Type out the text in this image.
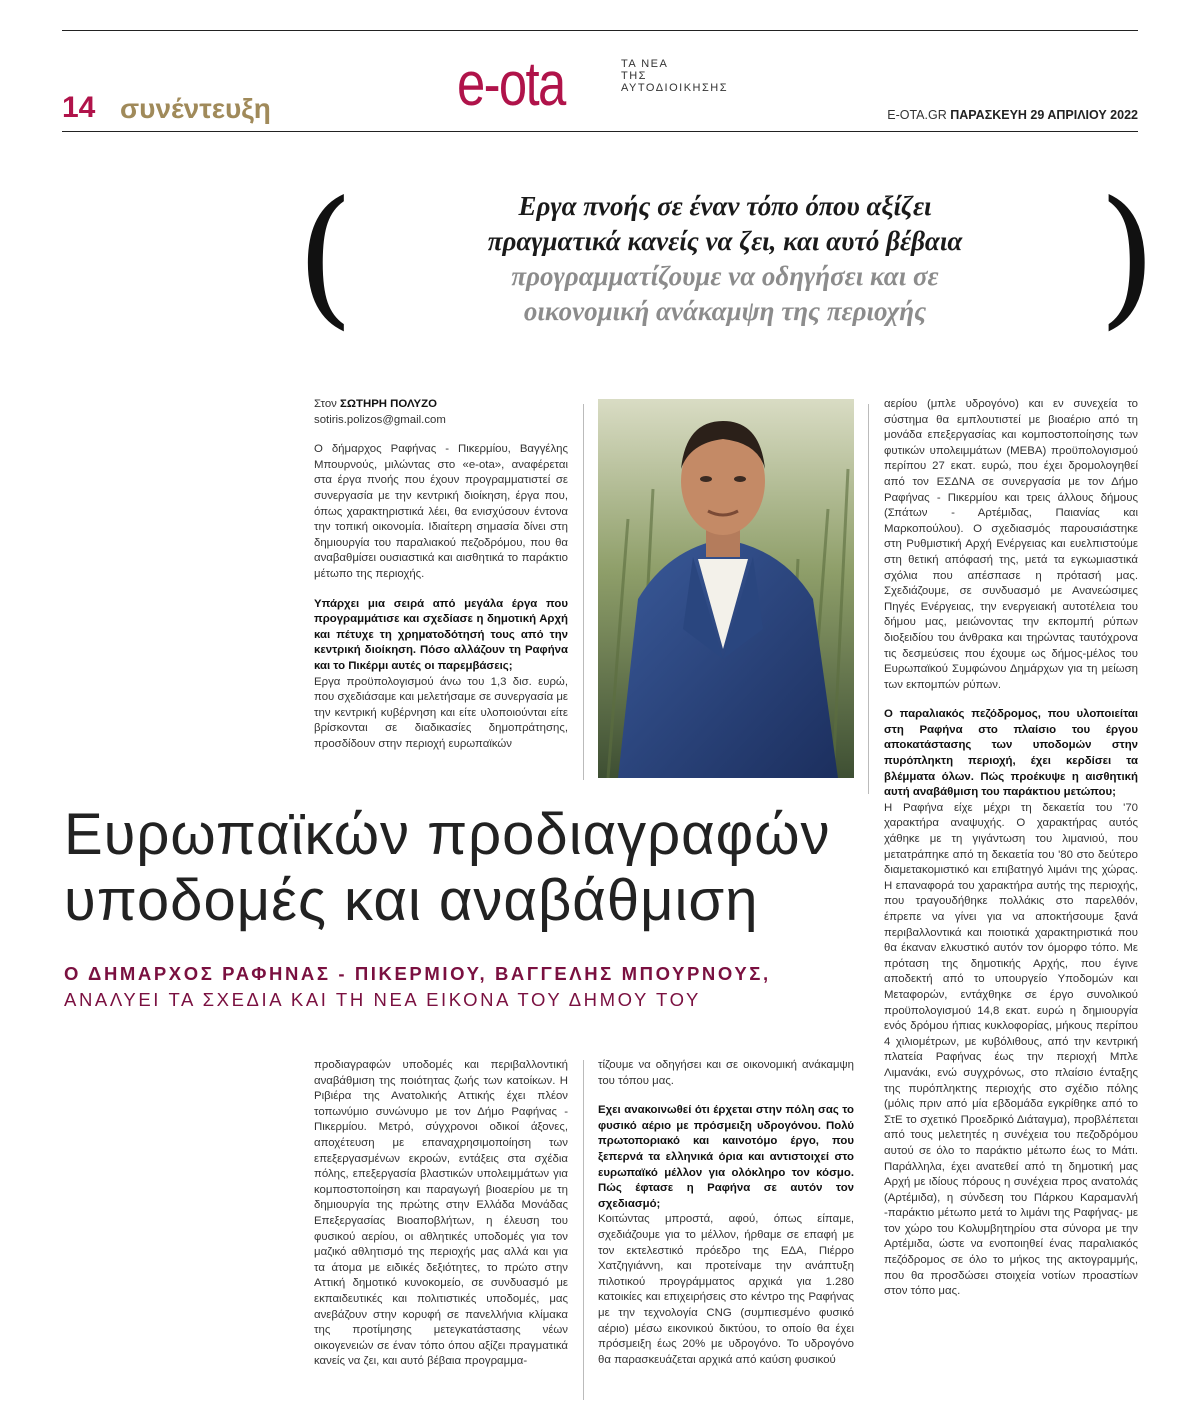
14 συνέντευξη	e-ota	ΤΑ ΝΕΑ
ΤΗΣ
ΑΥΤΟΔΙΟΙΚΗΣΗΣ
E-OTA.GR ΠΑΡΑΣΚΕΥΗ 29 ΑΠΡΙΛΙΟΥ 2022
(	)
Εργα πνοής σε έναν τόπο όπου αξίζει
πραγματικά κανείς να ζει, και αυτό βέβαια
προγραμματίζουμε να οδηγήσει και σε
οικονομική ανάκαμψη της περιοχής
Στον ΣΩΤΗΡΗ ΠΟΛΥΖΟ
sotiris.polizos@gmail.com

Ο δήμαρχος Ραφήνας - Πικερμίου, Βαγγέλης Μπουρνούς, μιλώντας στο «e-ota», αναφέρεται στα έργα πνοής που έχουν προγραμματιστεί σε συνεργασία με την κεντρική διοίκηση, έργα που, όπως χαρακτηριστικά λέει, θα ενισχύσουν έντονα την τοπική οικονομία. Ιδιαίτερη σημασία δίνει στη δημιουργία του παραλιακού πεζοδρόμου, που θα αναβαθμίσει ουσιαστικά και αισθητικά το παράκτιο μέτωπο της περιοχής.

Υπάρχει μια σειρά από μεγάλα έργα που προγραμμάτισε και σχεδίασε η δημοτική Αρχή και πέτυχε τη χρηματοδότησή τους από την κεντρική διοίκηση. Πόσο αλλάζουν τη Ραφήνα και το Πικέρμι αυτές οι παρεμβάσεις;

Εργα προϋπολογισμού άνω του 1,3 δισ. ευρώ, που σχεδιάσαμε και μελετήσαμε σε συνεργασία με την κεντρική κυβέρνηση και είτε υλοποιούνται είτε βρίσκονται σε διαδικασίες δημοπράτησης, προσδίδουν στην περιοχή ευρωπαϊκών

Ευρωπαϊκών προδιαγραφών
υποδομές και αναβάθμιση
Ο ΔΗΜΑΡΧΟΣ ΡΑΦΗΝΑΣ - ΠΙΚΕΡΜΙΟΥ, ΒΑΓΓΕΛΗΣ ΜΠΟΥΡΝΟΥΣ,
ΑΝΑΛΥΕΙ ΤΑ ΣΧΕΔΙΑ ΚΑΙ ΤΗ ΝΕΑ ΕΙΚΟΝΑ ΤΟΥ ΔΗΜΟΥ ΤΟΥ

προδιαγραφών υποδομές και περιβαλλοντική αναβάθμιση της ποιότητας ζωής των κατοίκων. Η Ριβιέρα της Ανατολικής Αττικής έχει πλέον τοπωνύμιο συνώνυμο με τον Δήμο Ραφήνας - Πικερμίου. Μετρό, σύγχρονοι οδικοί άξονες, αποχέτευση με επαναχρησιμοποίηση των επεξεργασμένων εκροών, εντάξεις στα σχέδια πόλης, επεξεργασία βλαστικών υπολειμμάτων για κομποστοποίηση και παραγωγή βιοαερίου με τη δημιουργία της πρώτης στην Ελλάδα Μονάδας Επεξεργασίας Βιοαποβλήτων, η έλευση του φυσικού αερίου, οι αθλητικές υποδομές για τον μαζικό αθλητισμό της περιοχής μας αλλά και για τα άτομα με ειδικές δεξιότητες, το πρώτο στην Αττική δημοτικό κυνοκομείο, σε συνδυασμό με εκπαιδευτικές και πολιτιστικές υποδομές, μας ανεβάζουν στην κορυφή σε πανελλήνια κλίμακα της προτίμησης μετεγκατάστασης νέων οικογενειών σε έναν τόπο όπου αξίζει πραγματικά κανείς να ζει, και αυτό βέβαια προγραμμα-

τίζουμε να οδηγήσει και σε οικονομική ανάκαμψη του τόπου μας.

Εχει ανακοινωθεί ότι έρχεται στην πόλη σας το φυσικό αέριο με πρόσμειξη υδρογόνου. Πολύ πρωτοποριακό και καινοτόμο έργο, που ξεπερνά τα ελληνικά όρια και αντιστοιχεί στο ευρωπαϊκό μέλλον για ολόκληρο τον κόσμο. Πώς έφτασε η Ραφήνα σε αυτόν τον σχεδιασμό;

Κοιτώντας μπροστά, αφού, όπως είπαμε, σχεδιάζουμε για το μέλλον, ήρθαμε σε επαφή με τον εκτελεστικό πρόεδρο της ΕΔΑ, Πιέρρο Χατζηγιάννη, και προτείναμε την ανάπτυξη πιλοτικού προγράμματος αρχικά για 1.280 κατοικίες και επιχειρήσεις στο κέντρο της Ραφήνας με την τεχνολογία CNG (συμπιεσμένο φυσικό αέριο) μέσω εικονικού δικτύου, το οποίο θα έχει πρόσμειξη έως 20% με υδρογόνο. Το υδρογόνο θα παρασκευάζεται αρχικά από καύση φυσικού

αερίου (μπλε υδρογόνο) και εν συνεχεία το σύστημα θα εμπλουτιστεί με βιοαέριο από τη μονάδα επεξεργασίας και κομποστοποίησης των φυτικών υπολειμμάτων (ΜΕΒΑ) προϋπολογισμού περίπου 27 εκατ. ευρώ, που έχει δρομολογηθεί από τον ΕΣΔΝΑ σε συνεργασία με τον Δήμο Ραφήνας - Πικερμίου και τρεις άλλους δήμους (Σπάτων - Αρτέμιδας, Παιανίας και Μαρκοπούλου). Ο σχεδιασμός παρουσιάστηκε στη Ρυθμιστική Αρχή Ενέργειας και ευελπιστούμε στη θετική απόφασή της, μετά τα εγκωμιαστικά σχόλια που απέσπασε η πρότασή μας. Σχεδιάζουμε, σε συνδυασμό με Ανανεώσιμες Πηγές Ενέργειας, την ενεργειακή αυτοτέλεια του δήμου μας, μειώνοντας την εκπομπή ρύπων διοξειδίου του άνθρακα και τηρώντας ταυτόχρονα τις δεσμεύσεις που έχουμε ως δήμος-μέλος του Ευρωπαϊκού Συμφώνου Δημάρχων για τη μείωση των εκπομπών ρύπων.

Ο παραλιακός πεζόδρομος, που υλοποιείται στη Ραφήνα στο πλαίσιο του έργου αποκατάστασης των υποδομών στην πυρόπληκτη περιοχή, έχει κερδίσει τα βλέμματα όλων. Πώς προέκυψε η αισθητική αυτή αναβάθμιση του παράκτιου μετώπου;

Η Ραφήνα είχε μέχρι τη δεκαετία του '70 χαρακτήρα αναψυχής. Ο χαρακτήρας αυτός χάθηκε με τη γιγάντωση του λιμανιού, που μετατράπηκε από τη δεκαετία του '80 στο δεύτερο διαμετακομιστικό και επιβατηγό λιμάνι της χώρας. Η επαναφορά του χαρακτήρα αυτής της περιοχής, που τραγουδήθηκε πολλάκις στο παρελθόν, έπρεπε να γίνει για να αποκτήσουμε ξανά περιβαλλοντικά και ποιοτικά χαρακτηριστικά που θα έκαναν ελκυστικό αυτόν τον όμορφο τόπο. Με πρόταση της δημοτικής Αρχής, που έγινε αποδεκτή από το υπουργείο Υποδομών και Μεταφορών, εντάχθηκε σε έργο συνολικού προϋπολογισμού 14,8 εκατ. ευρώ η δημιουργία ενός δρόμου ήπιας κυκλοφορίας, μήκους περίπου 4 χιλιομέτρων, με κυβόλιθους, από την κεντρική πλατεία Ραφήνας έως την περιοχή Μπλε Λιμανάκι, ενώ συγχρόνως, στο πλαίσιο ένταξης της πυρόπληκτης περιοχής στο σχέδιο πόλης (μόλις πριν από μία εβδομάδα εγκρίθηκε από το ΣτΕ το σχετικό Προεδρικό Διάταγμα), προβλέπεται από τους μελετητές η συνέχεια του πεζοδρόμου αυτού σε όλο το παράκτιο μέτωπο έως το Μάτι. Παράλληλα, έχει ανατεθεί από τη δημοτική μας Αρχή με ιδίους πόρους η συνέχεια προς ανατολάς (Αρτέμιδα), η σύνδεση του Πάρκου Καραμανλή -παράκτιο μέτωπο μετά το λιμάνι της Ραφήνας- με τον χώρο του Κολυμβητηρίου στα σύνορα με την Αρτέμιδα, ώστε να ενοποιηθεί ένας παραλιακός πεζόδρομος σε όλο το μήκος της ακτογραμμής, που θα προσδώσει στοιχεία νοτίων προαστίων στον τόπο μας.
